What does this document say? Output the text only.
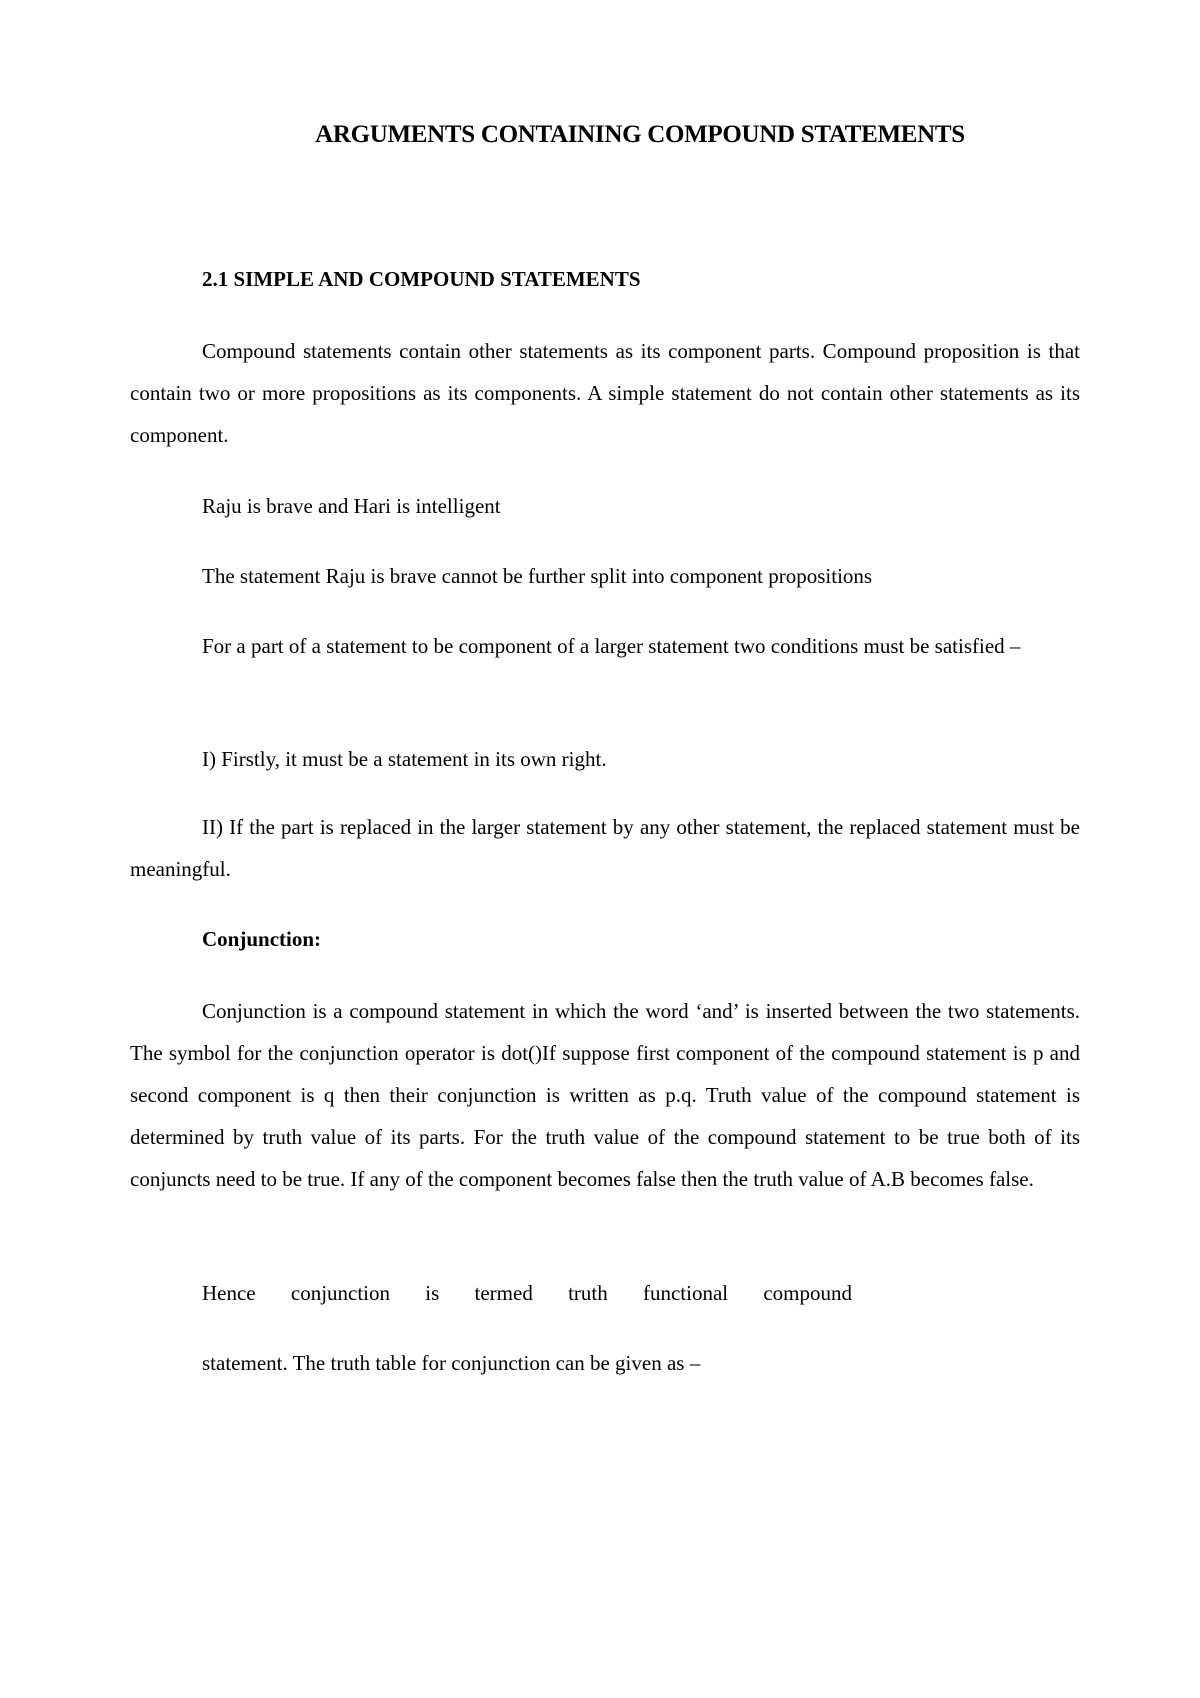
ARGUMENTS CONTAINING COMPOUND STATEMENTS
2.1 SIMPLE AND COMPOUND STATEMENTS

Compound statements contain other statements as its component parts. Compound proposition is that contain two or more propositions as its components. A simple statement do not contain other statements as its component.

Raju is brave and Hari is intelligent

The statement Raju is brave cannot be further split into component propositions

For a part of a statement to be component of a larger statement two conditions must be satisfied –

I) Firstly, it must be a statement in its own right.

II) If the part is replaced in the larger statement by any other statement, the replaced statement must be meaningful.

Conjunction:

Conjunction is a compound statement in which the word ‘and’ is inserted between the two statements. The symbol for the conjunction operator is dot()If suppose first component of the compound statement is p and second component is q then their conjunction is written as p.q. Truth value of the compound statement is determined by truth value of its parts. For the truth value of the compound statement to be true both of its conjuncts need to be true. If any of the component becomes false then the truth value of A.B becomes false.

Hence conjunction is termed truth functional compound

statement. The truth table for conjunction can be given as –
